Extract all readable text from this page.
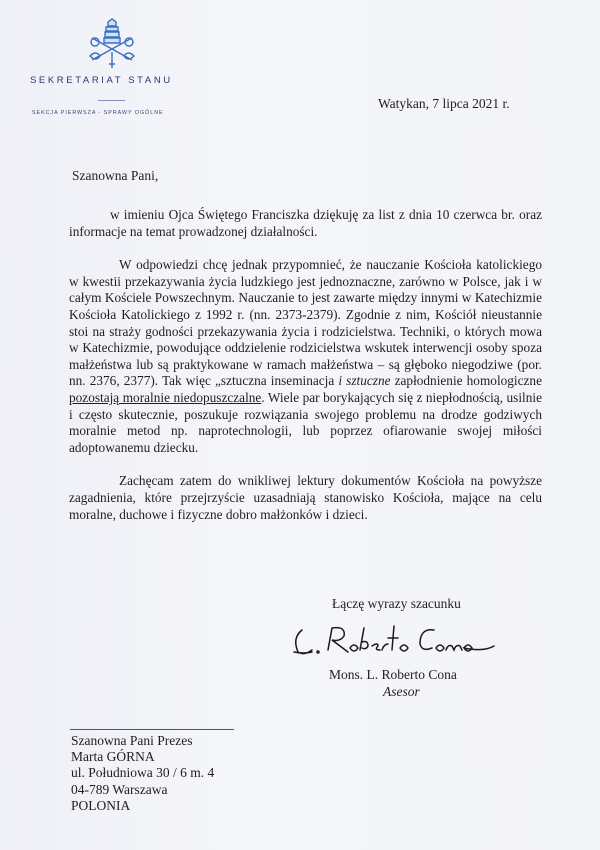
SEKRETARIAT STANU
SEKCJA PIERWSZA - SPRAWY OGÓLNE
Watykan, 7 lipca 2021 r.
Szanowna Pani,

w imieniu Ojca Świętego Franciszka dziękuję za list z dnia 10 czerwca br. oraz informacje na temat prowadzonej działalności.

W odpowiedzi chcę jednak przypomnieć, że nauczanie Kościoła katolickiego w kwestii przekazywania życia ludzkiego jest jednoznaczne, zarówno w Polsce, jak i w całym Kościele Powszechnym. Nauczanie to jest zawarte między innymi w Katechizmie Kościoła Katolickiego z 1992 r. (nn. 2373-2379). Zgodnie z nim, Kościół nieustannie stoi na straży godności przekazywania życia i rodzicielstwa. Techniki, o których mowa w Katechizmie, powodujące oddzielenie rodzicielstwa wskutek interwencji osoby spoza małżeństwa lub są praktykowane w ramach małżeństwa – są głęboko niegodziwe (por. nn. 2376, 2377). Tak więc „sztuczna inseminacja i sztuczne zapłodnienie homologiczne pozostają moralnie niedopuszczalne. Wiele par borykających się z niepłodnością, usilnie i często skutecznie, poszukuje rozwiązania swojego problemu na drodze godziwych moralnie metod np. naprotechnologii, lub poprzez ofiarowanie swojej miłości adoptowanemu dziecku.

Zachęcam zatem do wnikliwej lektury dokumentów Kościoła na powyższe zagadnienia, które przejrzyście uzasadniają stanowisko Kościoła, mające na celu moralne, duchowe i fizyczne dobro małżonków i dzieci.

Łączę wyrazy szacunku
Mons. L. Roberto Cona
Asesor
Szanowna Pani Prezes
Marta GÓRNA
ul. Południowa 30 / 6 m. 4
04-789 Warszawa
POLONIA
